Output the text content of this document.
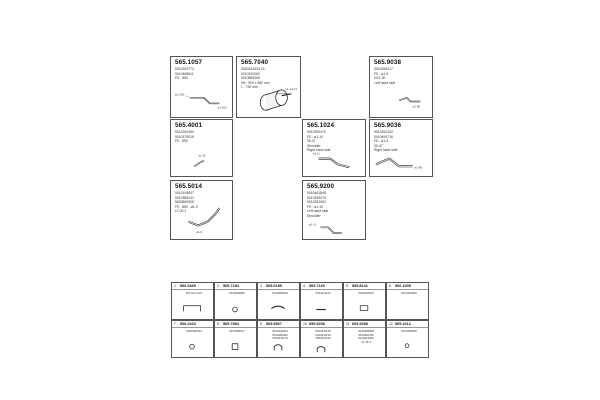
565.1057
5010304773
5010468611
FE : 850
ø1-200
ø1-200
565.7040
5000104434 16
5010311969
5010865066
H6 : 900 x 380 mm
L : 730 mm	L1-ø1-12
565.9038
5010396417
FE : ø1-9
0/11-90
Left hand side
ø1-80
565.4001
5010250494
5010379016
FE : 850
ø1-20
565.1024
5010399470
FE : ø1-10
30-47
Shoulder
Right hand side
ø1-11
565.9036
5010252100
5010499716
FE : ø1-9
30-47
Right hand side
ø1-80
565.5014
5010106847
5010385241
5820860905
FE : 850 - ø1-9
LT-00.1
ø1-9
565.9200
5010461848
5010399470
5010252652
FE : ø1-10
Left hand side
Shoulder
ø1-11
1 566.3465
200 00 a 60T
2 565.7184
5010303883
3 565.0185
5010305020
4 565.7160
5010411114
5 565.8141
5010303916
6 506.1005
5010304080
7 506.2423
5000156520
8 565.7984
5010396017
9 565.5567
5010304003
5010382462
5010411179
10 699.5206
5010311149
5010311150
5000401110
11 669.5288
5010308988
5010381780
5010413966
ø1-16 3
12 569.1612
5010396960
